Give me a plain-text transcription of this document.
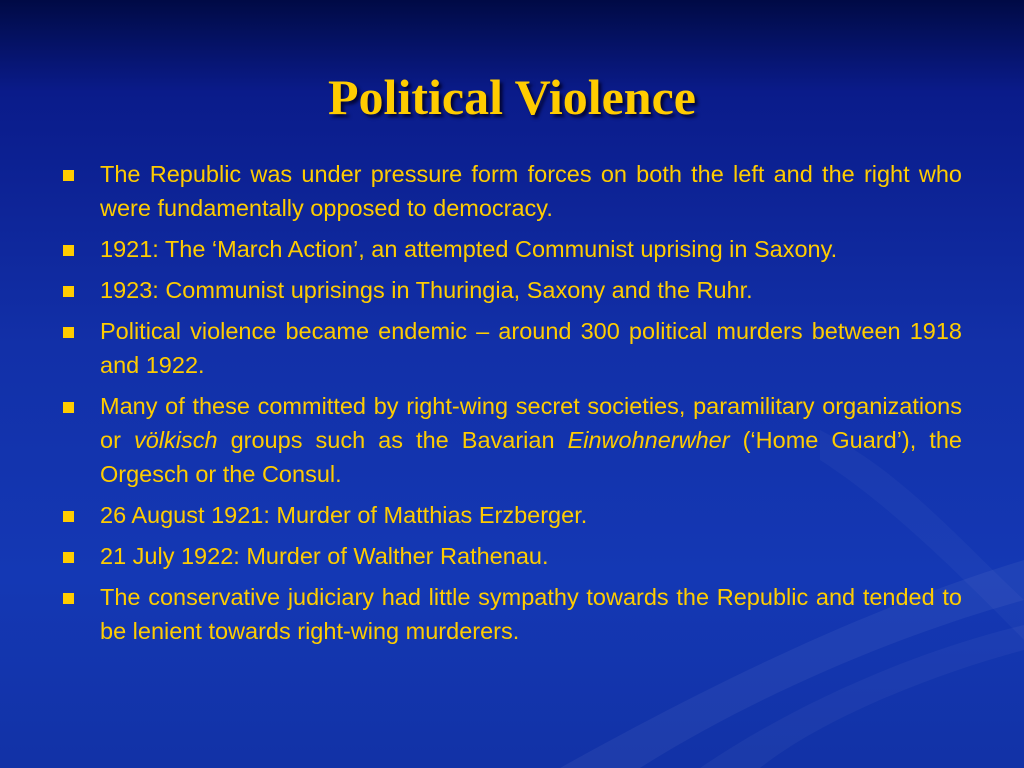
Political Violence
The Republic was under pressure form forces on both the left and the right who were fundamentally opposed to democracy.
1921: The ‘March Action’, an attempted Communist uprising in Saxony.
1923: Communist uprisings in Thuringia, Saxony and the Ruhr.
Political violence became endemic – around 300 political murders between 1918 and 1922.
Many of these committed by right-wing secret societies, paramilitary organizations or völkisch groups such as the Bavarian Einwohnerwher (‘Home Guard’), the Orgesch or the Consul.
26 August 1921: Murder of Matthias Erzberger.
21 July 1922: Murder of Walther Rathenau.
The conservative judiciary had little sympathy towards the Republic and tended to be lenient towards right-wing murderers.
